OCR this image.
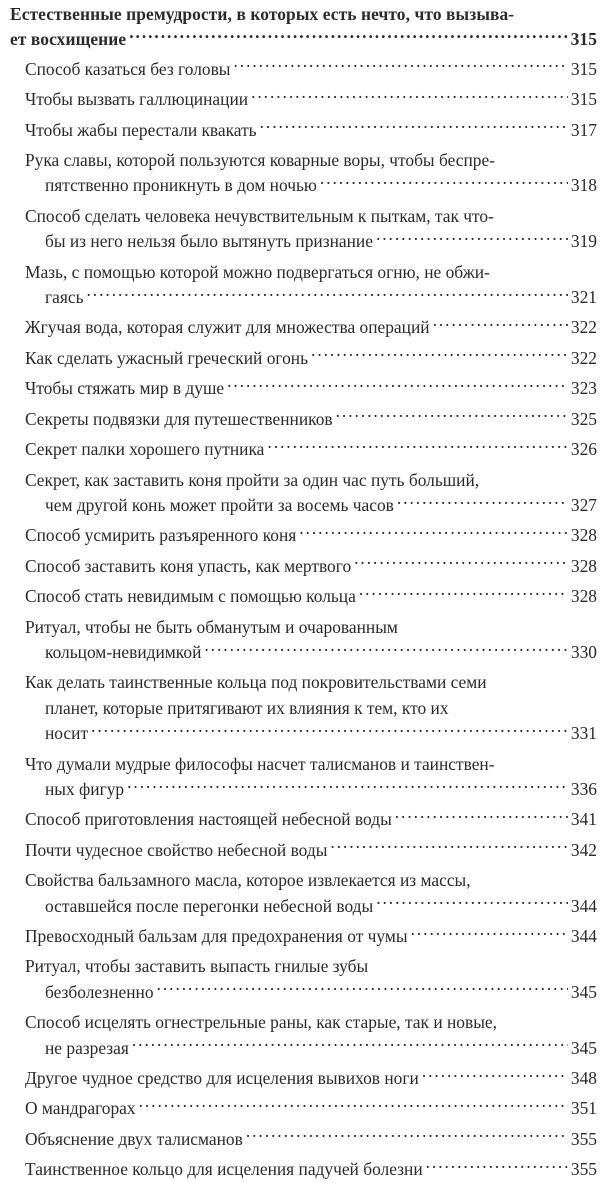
Естественные премудрости, в которых есть нечто, что вызыва-
ет восхищение . . .	315
Способ казаться без головы . . .	315
Чтобы вызвать галлюцинации . . .	315
Чтобы жабы перестали квакать . . .	317
Рука славы, которой пользуются коварные воры, чтобы беспре-
пятственно проникнуть в дом ночью . . .	318
Способ сделать человека нечувствительным к пыткам, так что-
бы из него нельзя было вытянуть признание . . .	319
Мазь, с помощью которой можно подвергаться огню, не обжи-
гаясь . . .	321
Жгучая вода, которая служит для множества операций . . .	322
Как сделать ужасный греческий огонь . . .	322
Чтобы стяжать мир в душе . . .	323
Секреты подвязки для путешественников . . .	325
Секрет палки хорошего путника . . .	326
Секрет, как заставить коня пройти за один час путь больший,
чем другой конь может пройти за восемь часов . . .	327
Способ усмирить разъяренного коня . . .	328
Способ заставить коня упасть, как мертвого . . .	328
Способ стать невидимым с помощью кольца . . .	328
Ритуал, чтобы не быть обманутым и очарованным
кольцом-невидимкой . . .	330
Как делать таинственные кольца под покровительствами семи
планет, которые притягивают их влияния к тем, кто их
носит . . .	331
Что думали мудрые философы насчет талисманов и таинствен-
ных фигур . . .	336
Способ приготовления настоящей небесной воды . . .	341
Почти чудесное свойство небесной воды . . .	342
Свойства бальзамного масла, которое извлекается из массы,
оставшейся после перегонки небесной воды . . .	344
Превосходный бальзам для предохранения от чумы . . .	344
Ритуал, чтобы заставить выпасть гнилые зубы
безболезненно . . .	345
Способ исцелять огнестрельные раны, как старые, так и новые,
не разрезая . . .	345
Другое чудное средство для исцеления вывихов ноги . . .	348
О мандрагорах . . .	351
Объяснение двух талисманов . . .	355
Таинственное кольцо для исцеления падучей болезни . . .	355
